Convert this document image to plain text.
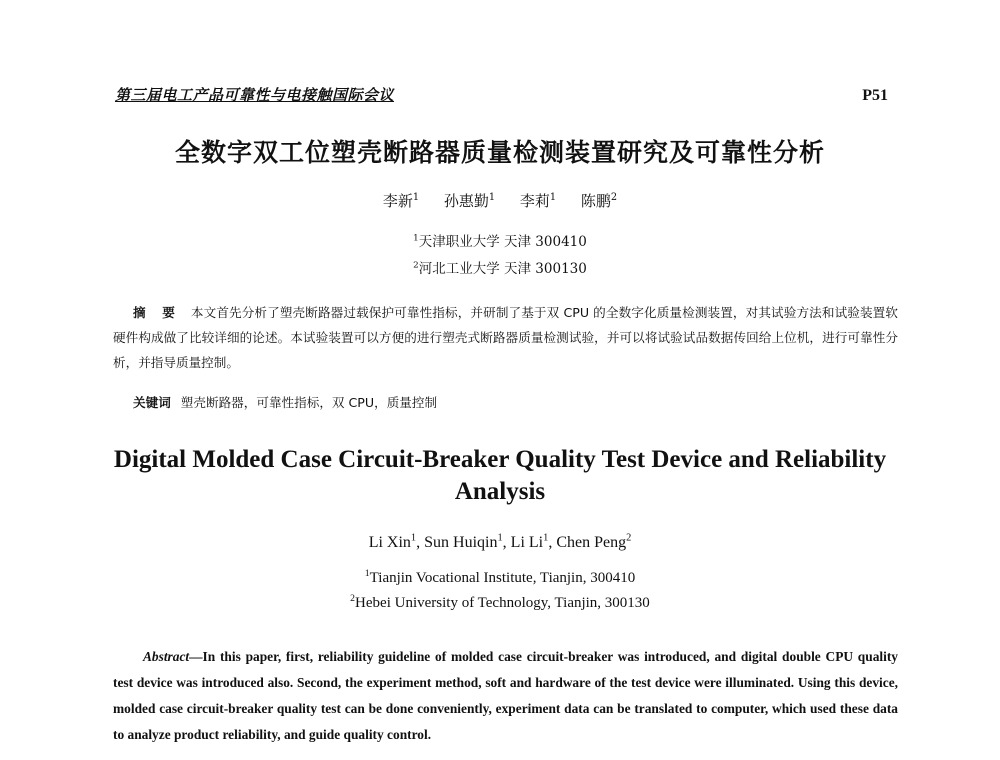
第三届电工产品可靠性与电接触国际会议	P51
全数字双工位塑壳断路器质量检测装置研究及可靠性分析
李新$^1$ 孙惠勤$^1$ 李莉$^1$ 陈鹏$^2$
$^1$天津职业大学 天津 300410
$^2$河北工业大学 天津 300130
摘 要 本文首先分析了塑壳断路器过载保护可靠性指标，并研制了基于双 CPU 的全数字化质量检测装置，对其试验方法和试验装置软硬件构成做了比较详细的论述。本试验装置可以方便的进行塑壳式断路器质量检测试验，并可以将试验试品数据传回给上位机，进行可靠性分析，并指导质量控制。
关键词 塑壳断路器，可靠性指标，双 CPU，质量控制
Digital Molded Case Circuit-Breaker Quality Test Device and Reliability Analysis
Li Xin$^1$, Sun Huiqin$^1$, Li Li$^1$, Chen Peng$^2$
$^1$Tianjin Vocational Institute, Tianjin, 300410
$^2$Hebei University of Technology, Tianjin, 300130
Abstract—In this paper, first, reliability guideline of molded case circuit-breaker was introduced, and digital double CPU quality test device was introduced also. Second, the experiment method, soft and hardware of the test device were illuminated. Using this device, molded case circuit-breaker quality test can be done conveniently, experiment data can be translated to computer, which used these data to analyze product reliability, and guide quality control.
